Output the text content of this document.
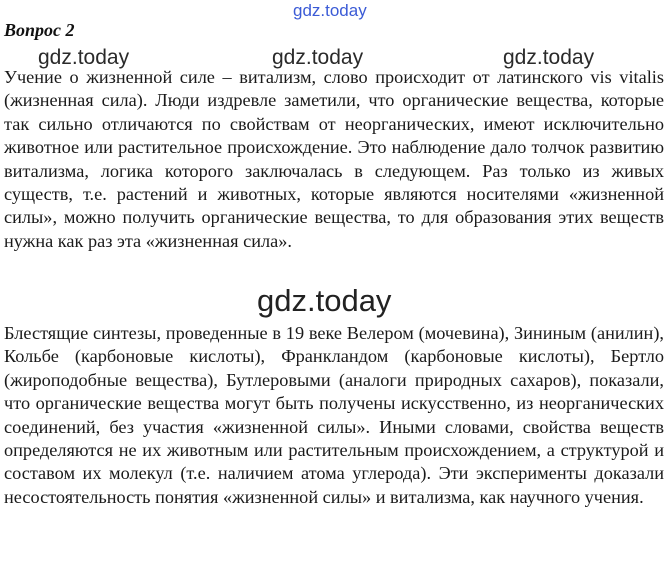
gdz.today
Вопрос 2
gdz.today	gdz.today	gdz.today

Учение о жизненной силе – витализм, слово происходит от латинского vis vitalis (жизненная сила). Люди издревле заметили, что органические вещества, которые так сильно отличаются по свойствам от неорганических, имеют исключительно животное или растительное происхождение. Это наблюдение дало толчок развитию витализма, логика которого заключалась в следующем. Раз только из живых существ, т.е. растений и животных, которые являются носителями «жизненной силы», можно получить органические вещества, то для образования этих веществ нужна как раз эта «жизненная сила».

gdz.today

Блестящие синтезы, проведенные в 19 веке Велером (мочевина), Зининым (анилин), Кольбе (карбоновые кислоты), Франкландом (карбоновые кислоты), Бертло (жироподобные вещества), Бутлеровыми (аналоги природных сахаров), показали, что органические вещества могут быть получены искусственно, из неорганических соединений, без участия «жизненной силы». Иными словами, свойства веществ определяются не их животным или растительным происхождением, а структурой и составом их молекул (т.е. наличием атома углерода). Эти эксперименты доказали несостоятельность понятия «жизненной силы» и витализма, как научного учения.
